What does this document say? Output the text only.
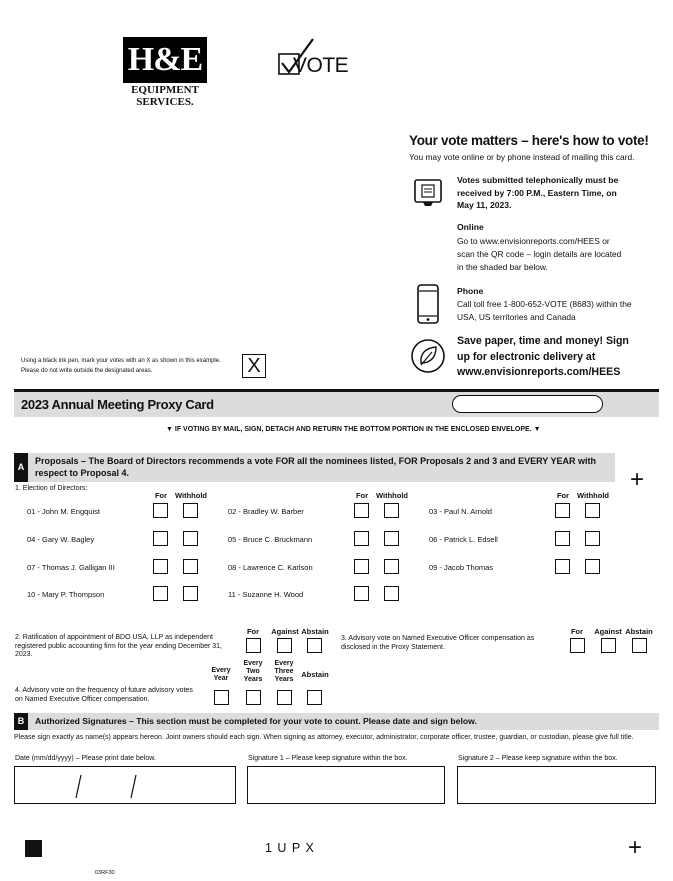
H&E
EQUIPMENT
SERVICES.
VOTE
Your vote matters – here's how to vote!
You may vote online or by phone instead of mailing this card.
Votes submitted telephonically must be received by 7:00 P.M., Eastern Time, on May 11, 2023.
Online
Go to www.envisionreports.com/HEES or scan the QR code – login details are located in the shaded bar below.
Phone
Call toll free 1-800-652-VOTE (8683) within the USA, US territories and Canada
Save paper, time and money! Sign up for electronic delivery at www.envisionreports.com/HEES
Using a black ink pen, mark your votes with an X as shown in this example.
Please do not write outside the designated areas.	X
2023 Annual Meeting Proxy Card
▼ IF VOTING BY MAIL, SIGN, DETACH AND RETURN THE BOTTOM PORTION IN THE ENCLOSED ENVELOPE. ▼
A
Proposals – The Board of Directors recommends a vote FOR all the nominees listed, FOR Proposals 2 and 3 and EVERY YEAR with respect to Proposal 4.	+
1. Election of Directors:
For	Withhold	For	Withhold	For	Withhold
01 - John M. Engquist	02 - Bradley W. Barber	03 - Paul N. Arnold
04 - Gary W. Bagley	05 - Bruce C. Bruckmann	06 - Patrick L. Edsell
07 - Thomas J. Galligan III	08 - Lawrence C. Karlson	09 - Jacob Thomas
10 - Mary P. Thompson	11 - Suzanne H. Wood
2. Ratification of appointment of BDO USA, LLP as independent registered public accounting firm for the year ending December 31, 2023.
For	Against Abstain
3. Advisory vote on Named Executive Officer compensation as disclosed in the Proxy Statement.
For	Against Abstain
4. Advisory vote on the frequency of future advisory votes on Named Executive Officer compensation.
Every Year
Every Two Years
Every Three Years
Abstain
B	Authorized Signatures – This section must be completed for your vote to count. Please date and sign below.
Please sign exactly as name(s) appears hereon. Joint owners should each sign. When signing as attorney, executor, administrator, corporate officer, trustee, guardian, or custodian, please give full title.
Date (mm/dd/yyyy) – Please print date below.	Signature 1 – Please keep signature within the box.	Signature 2 – Please keep signature within the box.
1 U P X	+
03RF30
